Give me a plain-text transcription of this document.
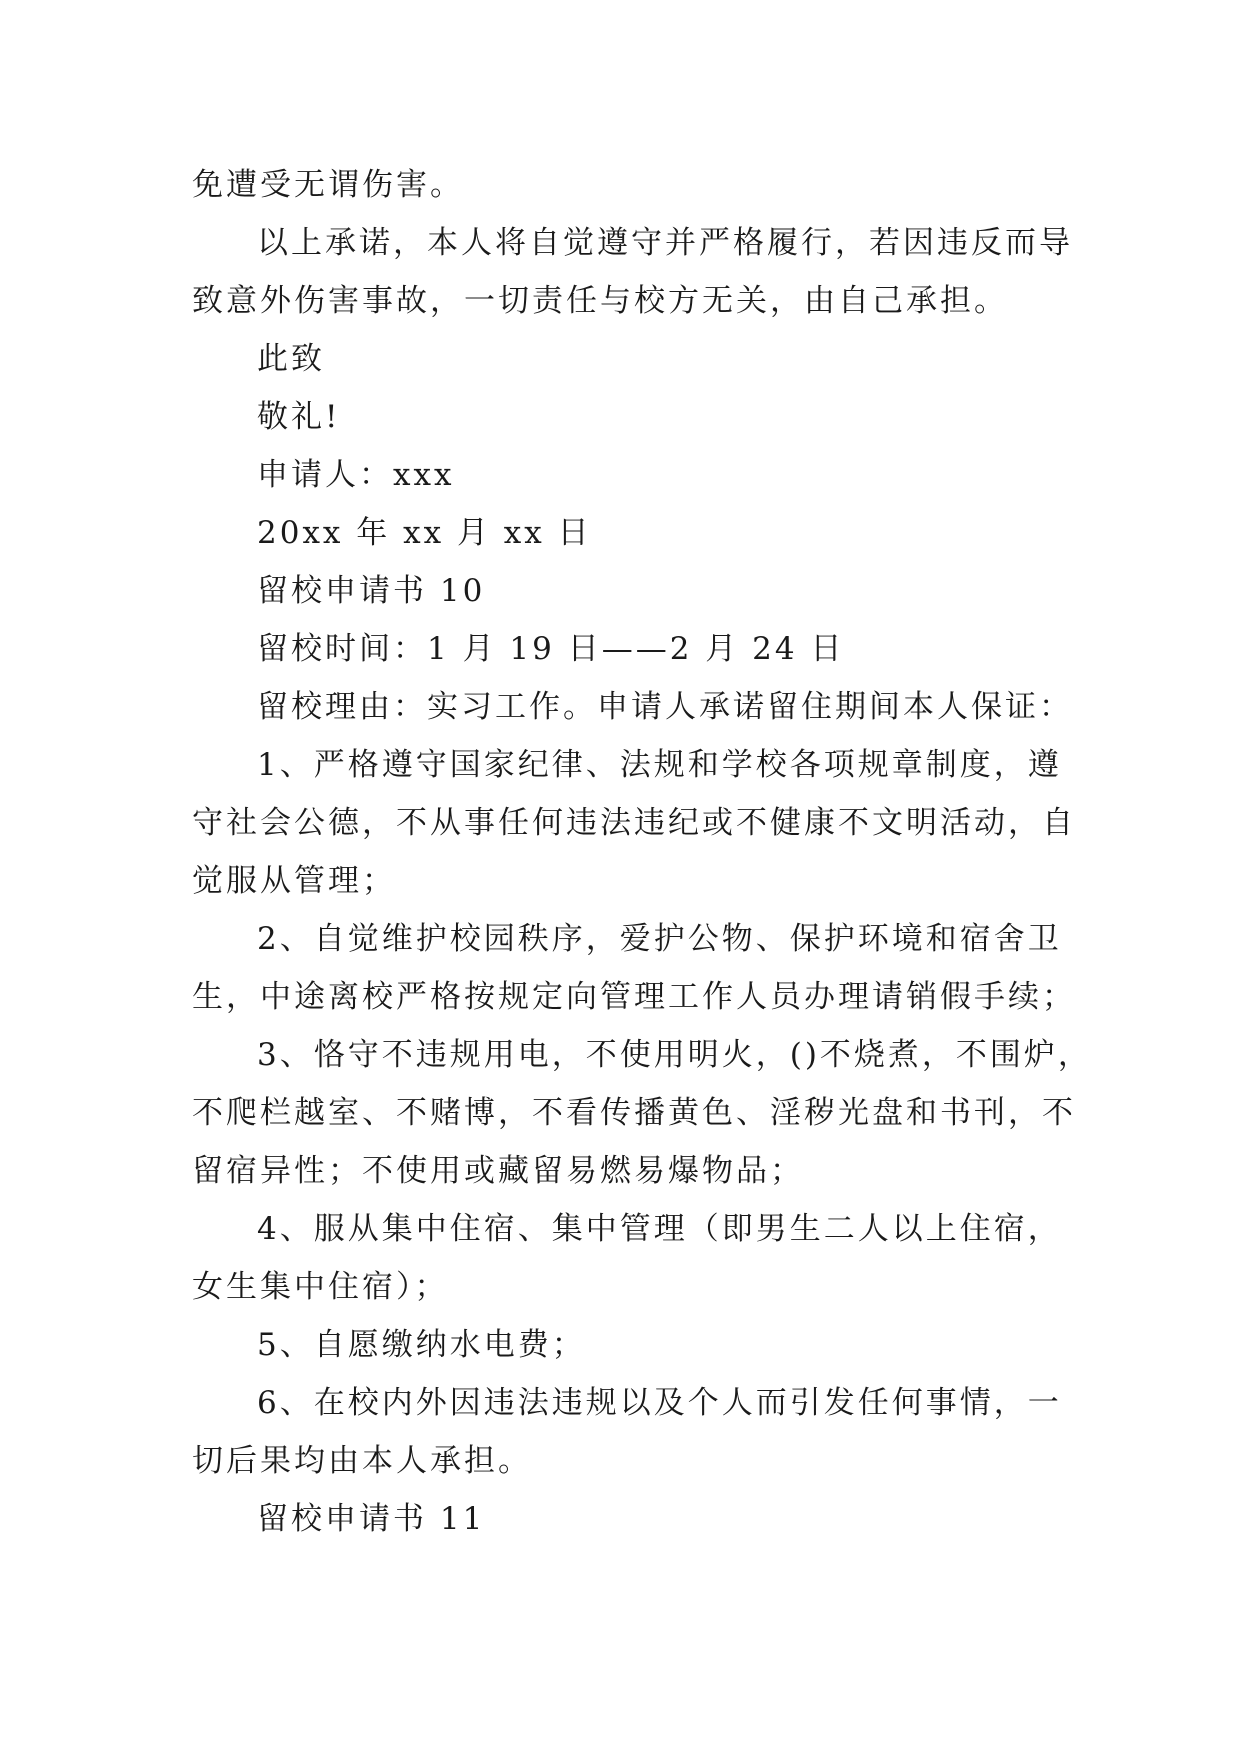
免遭受无谓伤害。
以上承诺，本人将自觉遵守并严格履行，若因违反而导
致意外伤害事故，一切责任与校方无关，由自己承担。
此致
敬礼!
申请人：xxx
20xx 年 xx 月 xx 日
留校申请书 10
留校时间：1 月 19 日——2 月 24 日
留校理由：实习工作。申请人承诺留住期间本人保证：
1、严格遵守国家纪律、法规和学校各项规章制度，遵
守社会公德，不从事任何违法违纪或不健康不文明活动，自
觉服从管理；
2、自觉维护校园秩序，爱护公物、保护环境和宿舍卫
生，中途离校严格按规定向管理工作人员办理请销假手续；
3、恪守不违规用电，不使用明火，()不烧煮，不围炉，
不爬栏越室、不赌博，不看传播黄色、淫秽光盘和书刊，不
留宿异性；不使用或藏留易燃易爆物品；
4、服从集中住宿、集中管理（即男生二人以上住宿，
女生集中住宿）；
5、自愿缴纳水电费；
6、在校内外因违法违规以及个人而引发任何事情，一
切后果均由本人承担。
留校申请书 11
